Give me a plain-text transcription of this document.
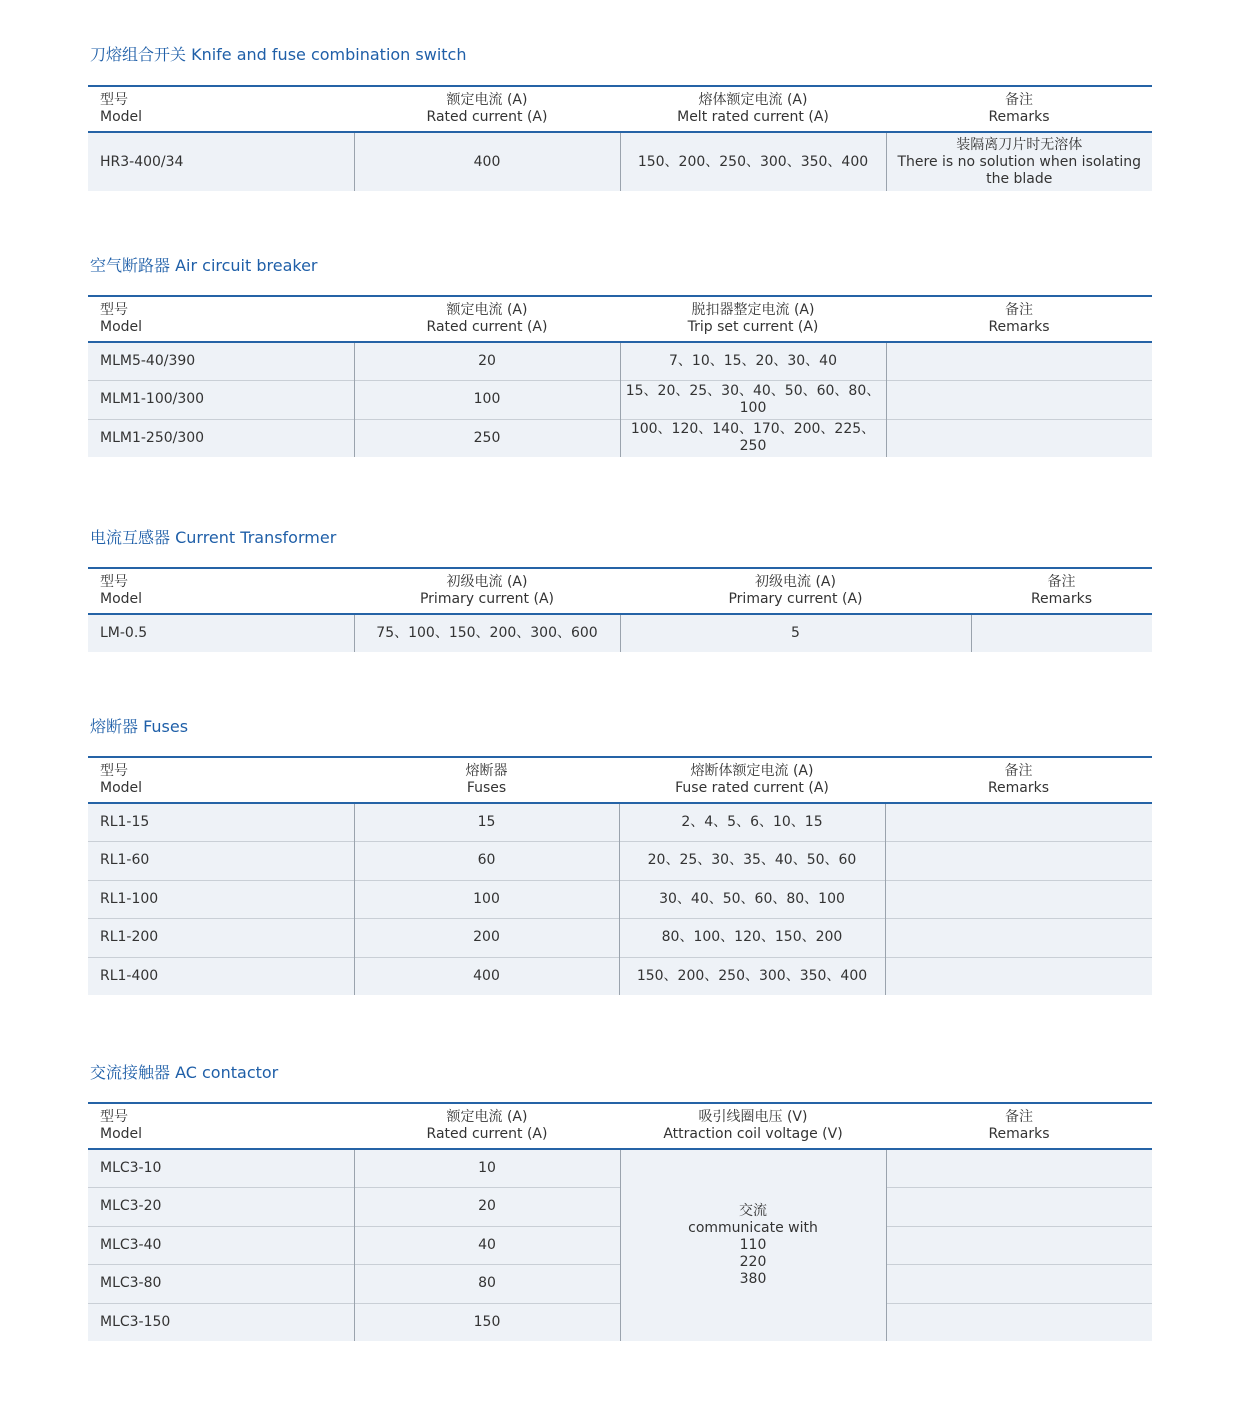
刀熔组合开关 Knife and fuse combination switch
型号
Model	额定电流 (A)
Rated current (A)	熔体额定电流 (A)
Melt rated current (A)	备注
Remarks

HR3-400/34	400	150、200、250、300、350、400	装隔离刀片时无溶体
There is no solution when isolating
the blade
空气断路器 Air circuit breaker
型号
Model	额定电流 (A)
Rated current (A)	脱扣器整定电流 (A)
Trip set current (A)	备注
Remarks

MLM5-40/390	20	7、10、15、20、30、40	
MLM1-100/300	100	15、20、25、30、40、50、60、80、
100	

MLM1-250/300	250	100、120、140、170、200、225、250	
电流互感器 Current Transformer
型号
Model	初级电流 (A)
Primary current (A)	初级电流 (A)
Primary current (A)	备注
Remarks

LM-0.5	75、100、150、200、300、600	5	
熔断器 Fuses
型号
Model	熔断器
Fuses	熔断体额定电流 (A)
Fuse rated current (A)	备注
Remarks

RL1-15	15	2、4、5、6、10、15	
RL1-60	60	20、25、30、35、40、50、60	
RL1-100	100	30、40、50、60、80、100	
RL1-200	200	80、100、120、150、200	
RL1-400	400	150、200、250、300、350、400	
交流接触器 AC contactor
型号
Model	额定电流 (A)
Rated current (A)	吸引线圈电压 (V)
Attraction coil voltage (V)	备注
Remarks

MLC3-10	10	交流
communicate with
110
220
380	

MLC3-20	20		
MLC3-40	40		
MLC3-80	80		
MLC3-150	150		
